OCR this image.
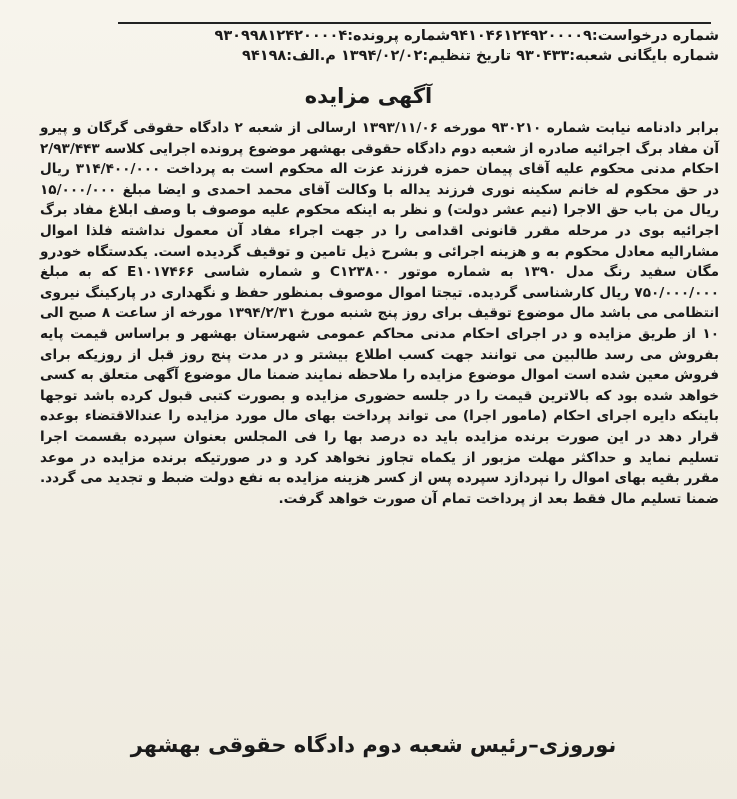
شماره درخواست:۹۴۱۰۴۶۱۲۴۹۲۰۰۰۰۹شماره پرونده:۹۳۰۹۹۸۱۲۴۲۰۰۰۰۴
شماره بایگانی شعبه:۹۳۰۴۳۳ تاریخ تنظیم:۱۳۹۴/۰۲/۰۲ م.الف:۹۴۱۹۸
آگهی مزایده
برابر دادنامه نیابت شماره ۹۳۰۲۱۰ مورخه ۱۳۹۳/۱۱/۰۶ ارسالی از شعبه ۲ دادگاه حقوقی گرگان و پیرو آن مفاد برگ اجرائیه صادره از شعبه دوم دادگاه حقوقی بهشهر موضوع پرونده اجرایی کلاسه ۲/۹۳/۴۴۳ احکام مدنی محکوم علیه آقای پیمان حمزه فرزند عزت اله محکوم است به پرداخت ۳۱۴/۴۰۰/۰۰۰ ریال در حق محکوم له خانم سکینه نوری فرزند یداله با وکالت آقای محمد احمدی و ایضا مبلغ ۱۵/۰۰۰/۰۰۰ ریال من باب حق الاجرا (نیم عشر دولت) و نظر به اینکه محکوم علیه موصوف با وصف ابلاغ مفاد برگ اجرائیه بوی در مرحله مقرر قانونی اقدامی را در جهت اجراء مفاد آن معمول نداشته فلذا اموال مشارالیه معادل محکوم به و هزینه اجرائی و بشرح ذیل تامین و توقیف گردیده است. یکدستگاه خودرو مگان سفید رنگ مدل ۱۳۹۰ به شماره موتور C۱۲۳۸۰۰ و شماره شاسی E۱۰۱۷۴۶۶ که به مبلغ ۷۵۰/۰۰۰/۰۰۰ ریال کارشناسی گردیده. تیجتا اموال موصوف بمنظور حفظ و نگهداری در پارکینگ نیروی انتظامی می باشد مال موضوع توقیف برای روز پنج شنبه مورخ ۱۳۹۴/۲/۳۱ مورخه از ساعت ۸ صبح الی ۱۰ از طریق مزایده و در اجرای احکام مدنی محاکم عمومی شهرستان بهشهر و براساس قیمت پایه بفروش می رسد طالبین می توانند جهت کسب اطلاع بیشتر و در مدت پنج روز قبل از روزیکه برای فروش معین شده است اموال موضوع مزایده را ملاحظه نمایند ضمنا مال موضوع آگهی متعلق به کسی خواهد شده بود که بالاترین قیمت را در جلسه حضوری مزایده و بصورت کتبی قبول کرده باشد توجها باینکه دایره اجرای احکام (مامور اجرا) می تواند پرداخت بهای مال مورد مزایده را عندالاقتضاء بوعده قرار دهد در این صورت برنده مزایده باید ده درصد بها را فی المجلس بعنوان سپرده بقسمت اجرا تسلیم نماید و حداکثر مهلت مزبور از یکماه تجاوز نخواهد کرد و در صورتیکه برنده مزایده در موعد مقرر بقیه بهای اموال را نپردازد سپرده پس از کسر هزینه مزایده به نفع دولت ضبط و تجدید می گردد. ضمنا تسلیم مال فقط بعد از پرداخت تمام آن صورت خواهد گرفت.
نوروزی–رئیس شعبه دوم دادگاه حقوقی بهشهر
